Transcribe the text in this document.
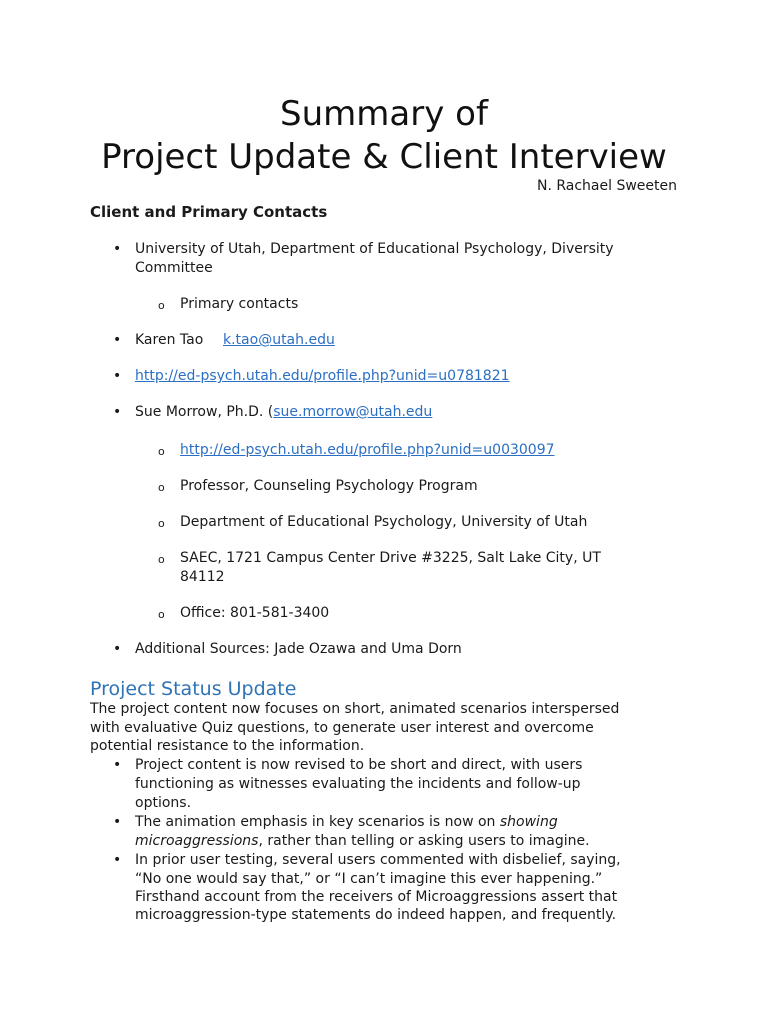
Summary of
Project Update & Client Interview
N. Rachael Sweeten
Client and Primary Contacts
• University of Utah, Department of Educational Psychology, Diversity

Committee

o Primary contacts

• Karen Tao k.tao@utah.edu
• http://ed-psych.utah.edu/profile.php?unid=u0781821
• Sue Morrow, Ph.D. (sue.morrow@utah.edu

o http://ed-psych.utah.edu/profile.php?unid=u0030097
o Professor, Counseling Psychology Program

o Department of Educational Psychology, University of Utah

o SAEC, 1721 Campus Center Drive #3225, Salt Lake City, UT

84112

o Office: 801-581-3400

• Additional Sources: Jade Ozawa and Uma Dorn

Project Status Update

The project content now focuses on short, animated scenarios interspersed

with evaluative Quiz questions, to generate user interest and overcome

potential resistance to the information.

• Project content is now revised to be short and direct, with users

functioning as witnesses evaluating the incidents and follow-up

options.

• The animation emphasis in key scenarios is now on showing

microaggressions, rather than telling or asking users to imagine.

• In prior user testing, several users commented with disbelief, saying,

“No one would say that,” or “I can’t imagine this ever happening.”

Firsthand account from the receivers of Microaggressions assert that

microaggression-type statements do indeed happen, and frequently.
